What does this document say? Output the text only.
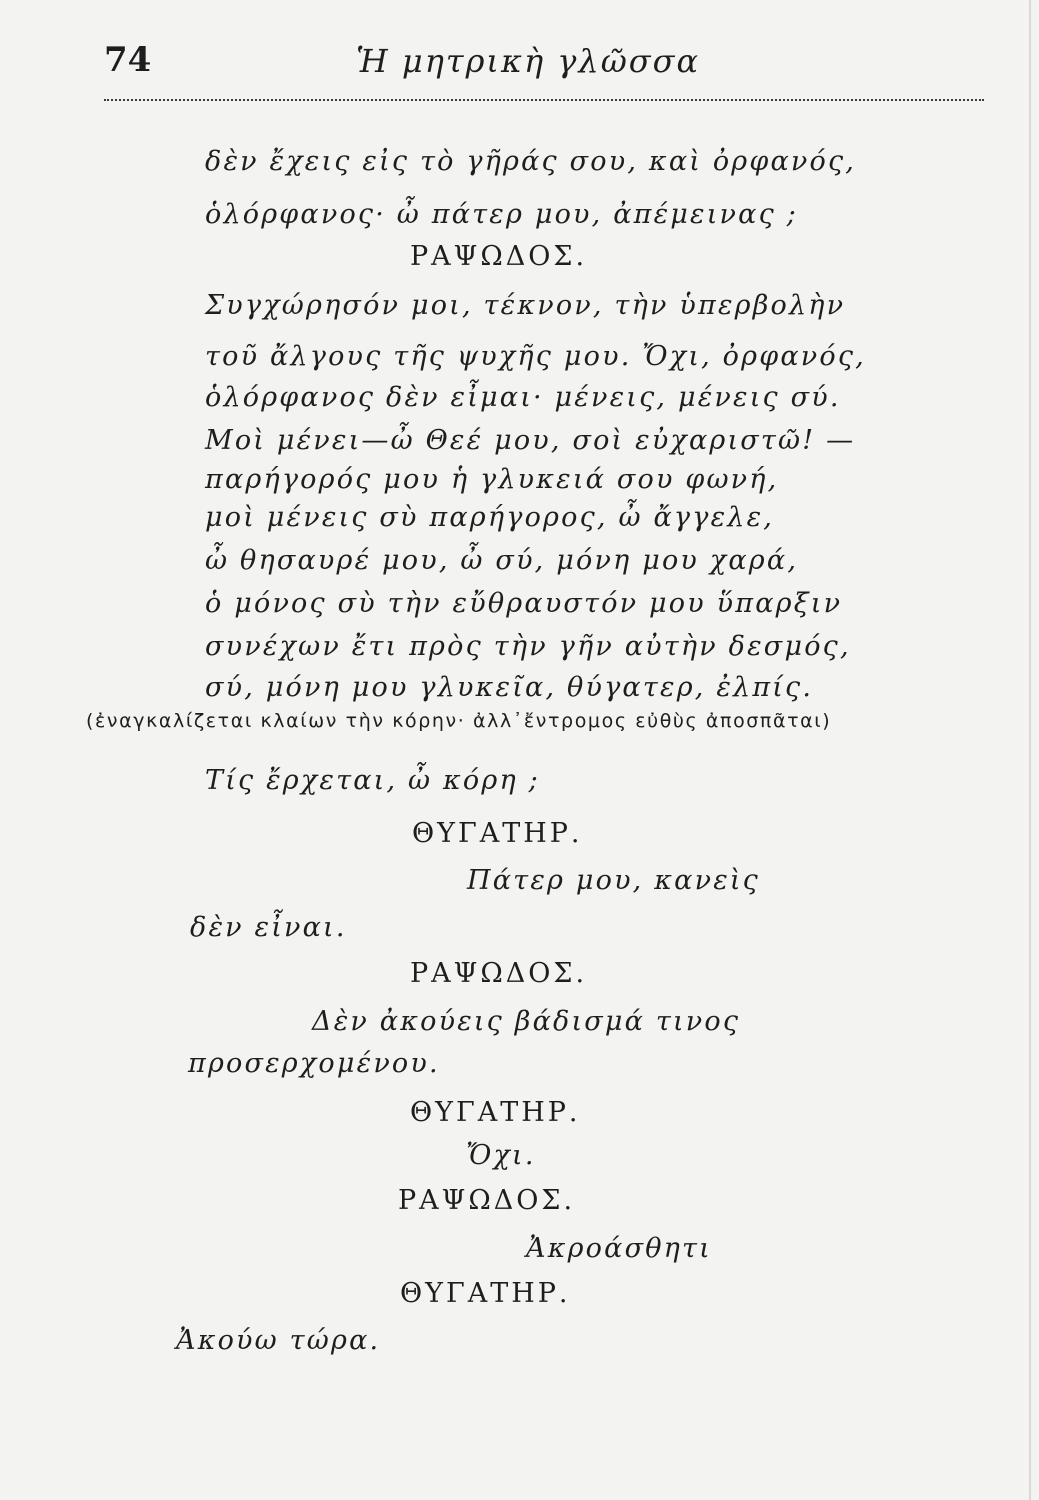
74	Ἡ μητρικὴ γλῶσσα
δὲν ἔχεις εἰς τὸ γῆράς σου, καὶ ὀρφανός,
ὁλόρφανος· ὦ πάτερ μου, ἀπέμεινας ;
ΡΑΨΩΔΟΣ.
Συγχώρησόν μοι, τέκνον, τὴν ὑπερβολὴν
τοῦ ἄλγους τῆς ψυχῆς μου. Ὄχι, ὀρφανός,
ὁλόρφανος δὲν εἶμαι· μένεις, μένεις σύ.
Μοὶ μένει—ὦ Θεέ μου, σοὶ εὐχαριστῶ! —
παρήγορός μου ἡ γλυκειά σου φωνή,
μοὶ μένεις σὺ παρήγορος, ὦ ἄγγελε,
ὦ θησαυρέ μου, ὦ σύ, μόνη μου χαρά,
ὁ μόνος σὺ τὴν εὔθραυστόν μου ὕπαρξιν
συνέχων ἔτι πρὸς τὴν γῆν αὐτὴν δεσμός,
σύ, μόνη μου γλυκεῖα, θύγατερ, ἐλπίς.
(ἐναγκαλίζεται κλαίων τὴν κόρην· ἀλλ᾽ἔντρομος εὐθὺς ἀποσπᾶται)
Τίς ἔρχεται, ὦ κόρη ;
ΘΥΓΑΤΗΡ.
Πάτερ μου, κανεὶς
δὲν εἶναι.
ΡΑΨΩΔΟΣ.
Δὲν ἀκούεις βάδισμά τινος
προσερχομένου.
ΘΥΓΑΤΗΡ.
Ὄχι.
ΡΑΨΩΔΟΣ.
Ἀκροάσθητι
ΘΥΓΑΤΗΡ.
Ἀκούω τώρα.
